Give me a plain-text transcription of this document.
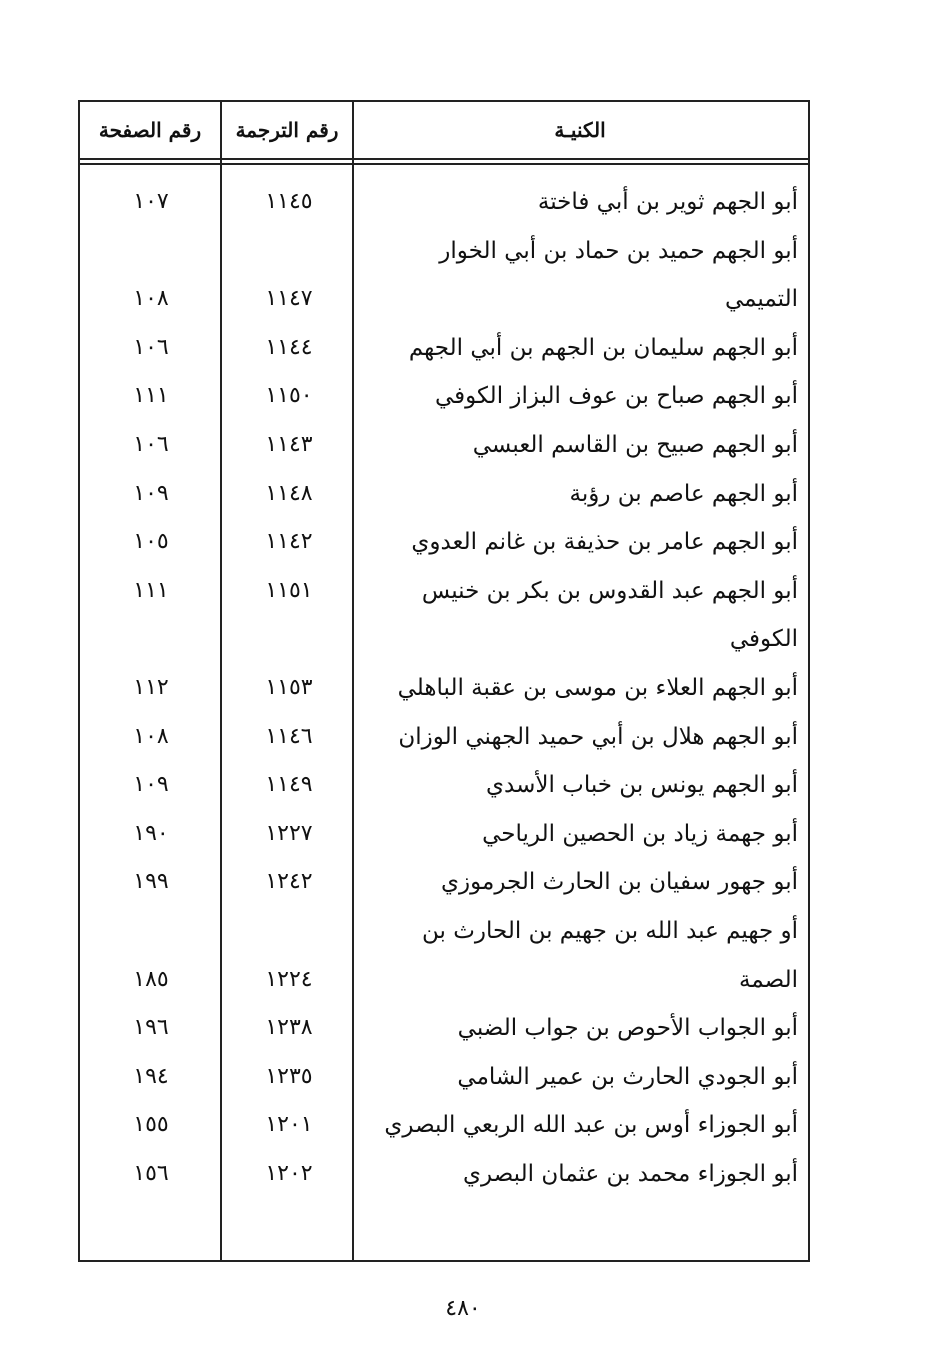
الكنيـة
رقم الترجمة
رقم الصفحة
أبو الجهم ثوير بن أبي فاختة
١١٤٥
١٠٧
أبو الجهم حميد بن حماد بن أبي الخوار
التميمي
١١٤٧
١٠٨
أبو الجهم سليمان بن الجهم بن أبي الجهم
١١٤٤
١٠٦
أبو الجهم صباح بن عوف البزاز الكوفي
١١٥٠
١١١
أبو الجهم صبيح بن القاسم العبسي
١١٤٣
١٠٦
أبو الجهم عاصم بن رؤبة
١١٤٨
١٠٩
أبو الجهم عامر بن حذيفة بن غانم العدوي
١١٤٢
١٠٥
أبو الجهم عبد القدوس بن بكر بن خنيس
١١٥١
١١١
الكوفي
أبو الجهم العلاء بن موسى بن عقبة الباهلي
١١٥٣
١١٢
أبو الجهم هلال بن أبي حميد الجهني الوزان
١١٤٦
١٠٨
أبو الجهم يونس بن خباب الأسدي
١١٤٩
١٠٩
أبو جهمة زياد بن الحصين الرياحي
١٢٢٧
١٩٠
أبو جهور سفيان بن الحارث الجرموزي
١٢٤٢
١٩٩
أو جهيم عبد الله بن جهيم بن الحارث بن
الصمة
١٢٢٤
١٨٥
أبو الجواب الأحوص بن جواب الضبي
١٢٣٨
١٩٦
أبو الجودي الحارث بن عمير الشامي
١٢٣٥
١٩٤
أبو الجوزاء أوس بن عبد الله الربعي البصري
١٢٠١
١٥٥
أبو الجوزاء محمد بن عثمان البصري
١٢٠٢
١٥٦
٤٨٠
